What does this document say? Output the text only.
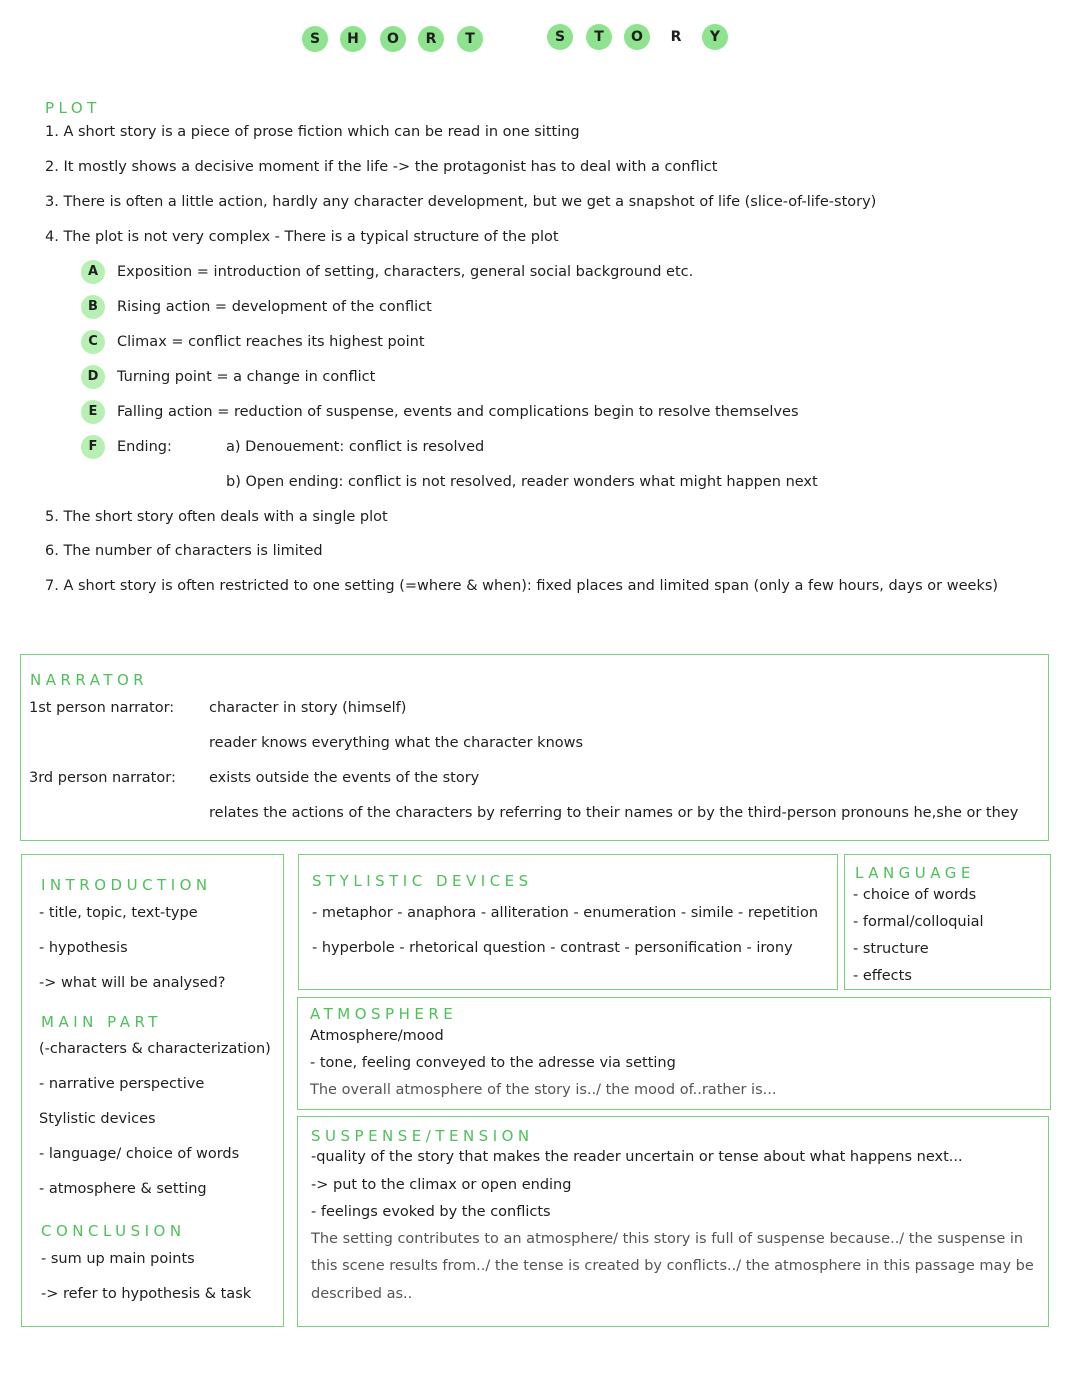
S	H	O	R	T	S	T	O	R	Y
PLOT
1. A short story is a piece of prose fiction which can be read in one sitting
2. It mostly shows a decisive moment if the life -> the protagonist has to deal with a conflict
3. There is often a little action, hardly any character development, but we get a snapshot of life (slice-of-life-story)
4. The plot is not very complex - There is a typical structure of the plot
A	Exposition = introduction of setting, characters, general social background etc.
B	Rising action = development of the conflict
C	Climax = conflict reaches its highest point
D	Turning point = a change in conflict
E	Falling action = reduction of suspense, events and complications begin to resolve themselves
F	Ending:	a) Denouement: conflict is resolved
b) Open ending: conflict is not resolved, reader wonders what might happen next
5. The short story often deals with a single plot
6. The number of characters is limited
7. A short story is often restricted to one setting (=where & when): fixed places and limited span (only a few hours, days or weeks)
NARRATOR
1st person narrator: character in story (himself)
reader knows everything what the character knows
3rd person narrator: exists outside the events of the story
relates the actions of the characters by referring to their names or by the third-person pronouns he,she or they
INTRODUCTION
- title, topic, text-type
- hypothesis
-> what will be analysed?
MAIN PART
(-characters & characterization)
- narrative perspective
Stylistic devices
- language/ choice of words
- atmosphere & setting
CONCLUSION
- sum up main points
-> refer to hypothesis & task
STYLISTIC DEVICES
- metaphor - anaphora - alliteration - enumeration - simile - repetition
- hyperbole - rhetorical question - contrast - personification - irony
LANGUAGE
- choice of words
- formal/colloquial
- structure
- effects
ATMOSPHERE
Atmosphere/mood
- tone, feeling conveyed to the adresse via setting
The overall atmosphere of the story is../ the mood of..rather is...
SUSPENSE/TENSION
-quality of the story that makes the reader uncertain or tense about what happens next...
-> put to the climax or open ending
- feelings evoked by the conflicts
The setting contributes to an atmosphere/ this story is full of suspense because../ the suspense in
this scene results from../ the tense is created by conflicts../ the atmosphere in this passage may be
described as..
